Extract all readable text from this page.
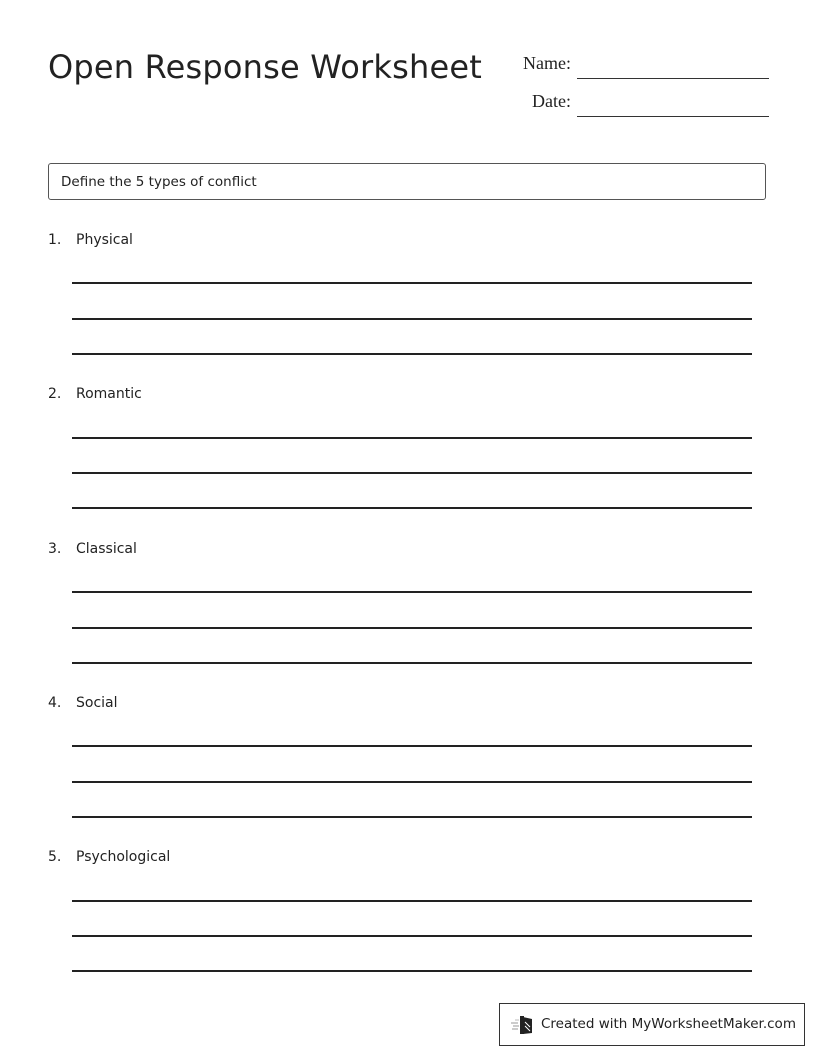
Open Response Worksheet Name:
Date:
Define the 5 types of conflict
1. Physical
2. Romantic
3. Classical
4. Social
5. Psychological
Created with MyWorksheetMaker.com
